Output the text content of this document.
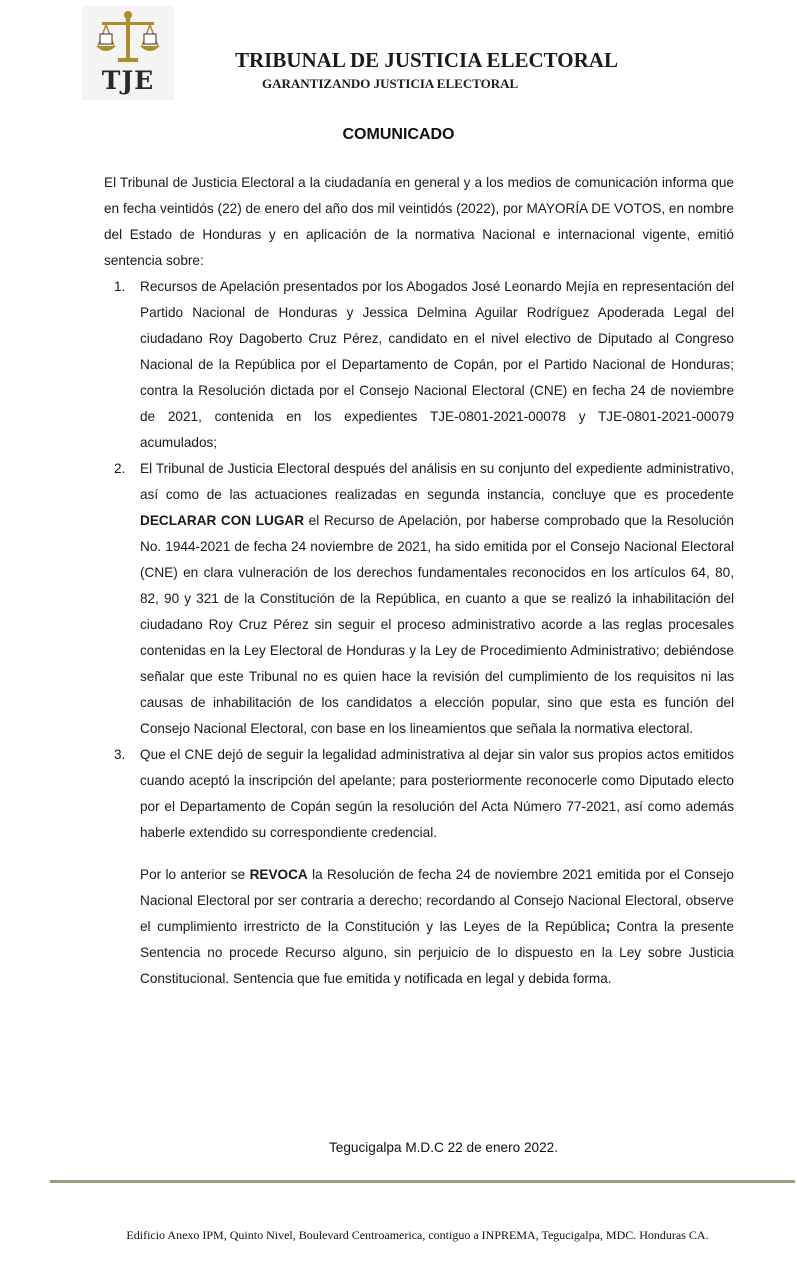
TJE
TRIBUNAL DE JUSTICIA ELECTORAL
GARANTIZANDO JUSTICIA ELECTORAL
COMUNICADO

El Tribunal de Justicia Electoral a la ciudadanía en general y a los medios de comunicación informa que en fecha veintidós (22) de enero del año dos mil veintidós (2022), por MAYORÍA DE VOTOS, en nombre del Estado de Honduras y en aplicación de la normativa Nacional e internacional vigente, emitió sentencia sobre:

1. Recursos de Apelación presentados por los Abogados José Leonardo Mejía en representación del Partido Nacional de Honduras y Jessica Delmina Aguilar Rodríguez Apoderada Legal del ciudadano Roy Dagoberto Cruz Pérez, candidato en el nivel electivo de Diputado al Congreso Nacional de la República por el Departamento de Copán, por el Partido Nacional de Honduras; contra la Resolución dictada por el Consejo Nacional Electoral (CNE) en fecha 24 de noviembre de 2021, contenida en los expedientes TJE-0801-2021-00078 y TJE-0801-2021-00079 acumulados;
2. El Tribunal de Justicia Electoral después del análisis en su conjunto del expediente administrativo, así como de las actuaciones realizadas en segunda instancia, concluye que es procedente DECLARAR CON LUGAR el Recurso de Apelación, por haberse comprobado que la Resolución No. 1944-2021 de fecha 24 noviembre de 2021, ha sido emitida por el Consejo Nacional Electoral (CNE) en clara vulneración de los derechos fundamentales reconocidos en los artículos 64, 80, 82, 90 y 321 de la Constitución de la República, en cuanto a que se realizó la inhabilitación del ciudadano Roy Cruz Pérez sin seguir el proceso administrativo acorde a las reglas procesales contenidas en la Ley Electoral de Honduras y la Ley de Procedimiento Administrativo; debiéndose señalar que este Tribunal no es quien hace la revisión del cumplimiento de los requisitos ni las causas de inhabilitación de los candidatos a elección popular, sino que esta es función del Consejo Nacional Electoral, con base en los lineamientos que señala la normativa electoral.
3. Que el CNE dejó de seguir la legalidad administrativa al dejar sin valor sus propios actos emitidos cuando aceptó la inscripción del apelante; para posteriormente reconocerle como Diputado electo por el Departamento de Copán según la resolución del Acta Número 77-2021, así como además haberle extendido su correspondiente credencial.

Por lo anterior se REVOCA la Resolución de fecha 24 de noviembre 2021 emitida por el Consejo Nacional Electoral por ser contraria a derecho; recordando al Consejo Nacional Electoral, observe el cumplimiento irrestricto de la Constitución y las Leyes de la República; Contra la presente Sentencia no procede Recurso alguno, sin perjuicio de lo dispuesto en la Ley sobre Justicia Constitucional. Sentencia que fue emitida y notificada en legal y debida forma.

Tegucigalpa M.D.C 22 de enero 2022.
Edificio Anexo IPM, Quinto Nivel, Boulevard Centroamerica, contiguo a INPREMA, Tegucigalpa, MDC. Honduras CA.
